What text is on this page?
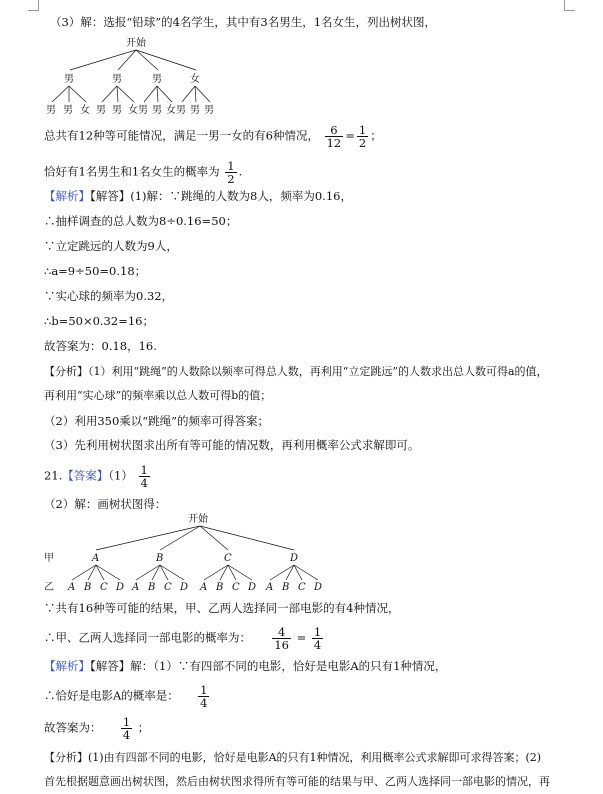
（3）解：选报“铅球”的4名学生，其中有3名男生，1名女生，列出树状图，
开始
男	男	男	女
男 男 女 男 男 女 男 男 女 男 男 男
总共有12种等可能情况，满足一男一女的有6种情况， $\frac{6}{12} = \frac{1}{2}$ ；
恰好有1名男生和1名女生的概率为 $\frac{1}{2}$ .
【解析】【解答】(1)解：∵跳绳的人数为8人，频率为0.16，
∴抽样调查的总人数为8÷0.16=50；
∵立定跳远的人数为9人，
∴a=9÷50=0.18；
∵实心球的频率为0.32，
∴b=50×0.32=16；
故答案为：0.18，16.
【分析】（1）利用“跳绳”的人数除以频率可得总人数，再利用“立定跳远”的人数求出总人数可得a的值，
再利用“实心球”的频率乘以总人数可得b的值；
（2）利用350乘以“跳绳”的频率可得答案；
（3）先利用树状图求出所有等可能的情况数，再利用概率公式求解即可。
21.【答案】$(1) \frac{1}{4}$
（2）解：画树状图得：
开始
甲
乙
A	B	C	D
A B C D A B C D A B C D A B C D
∵共有16种等可能的结果，甲、乙两人选择同一部电影的有4种情况，
∴甲、乙两人选择同一部电影的概率为： $\frac{4}{16} = \frac{1}{4}$
【解析】【解答】解：（1）∵有四部不同的电影，恰好是电影A的只有1种情况，
∴恰好是电影A的概率是： $\frac{1}{4}$
故答案为： $\frac{1}{4}$ ；
【分析】(1)由有四部不同的电影，恰好是电影A的只有1种情况，利用概率公式求解即可求得答案；(2)
首先根据题意画出树状图，然后由树状图求得所有等可能的结果与甲、乙两人选择同一部电影的情况，再
